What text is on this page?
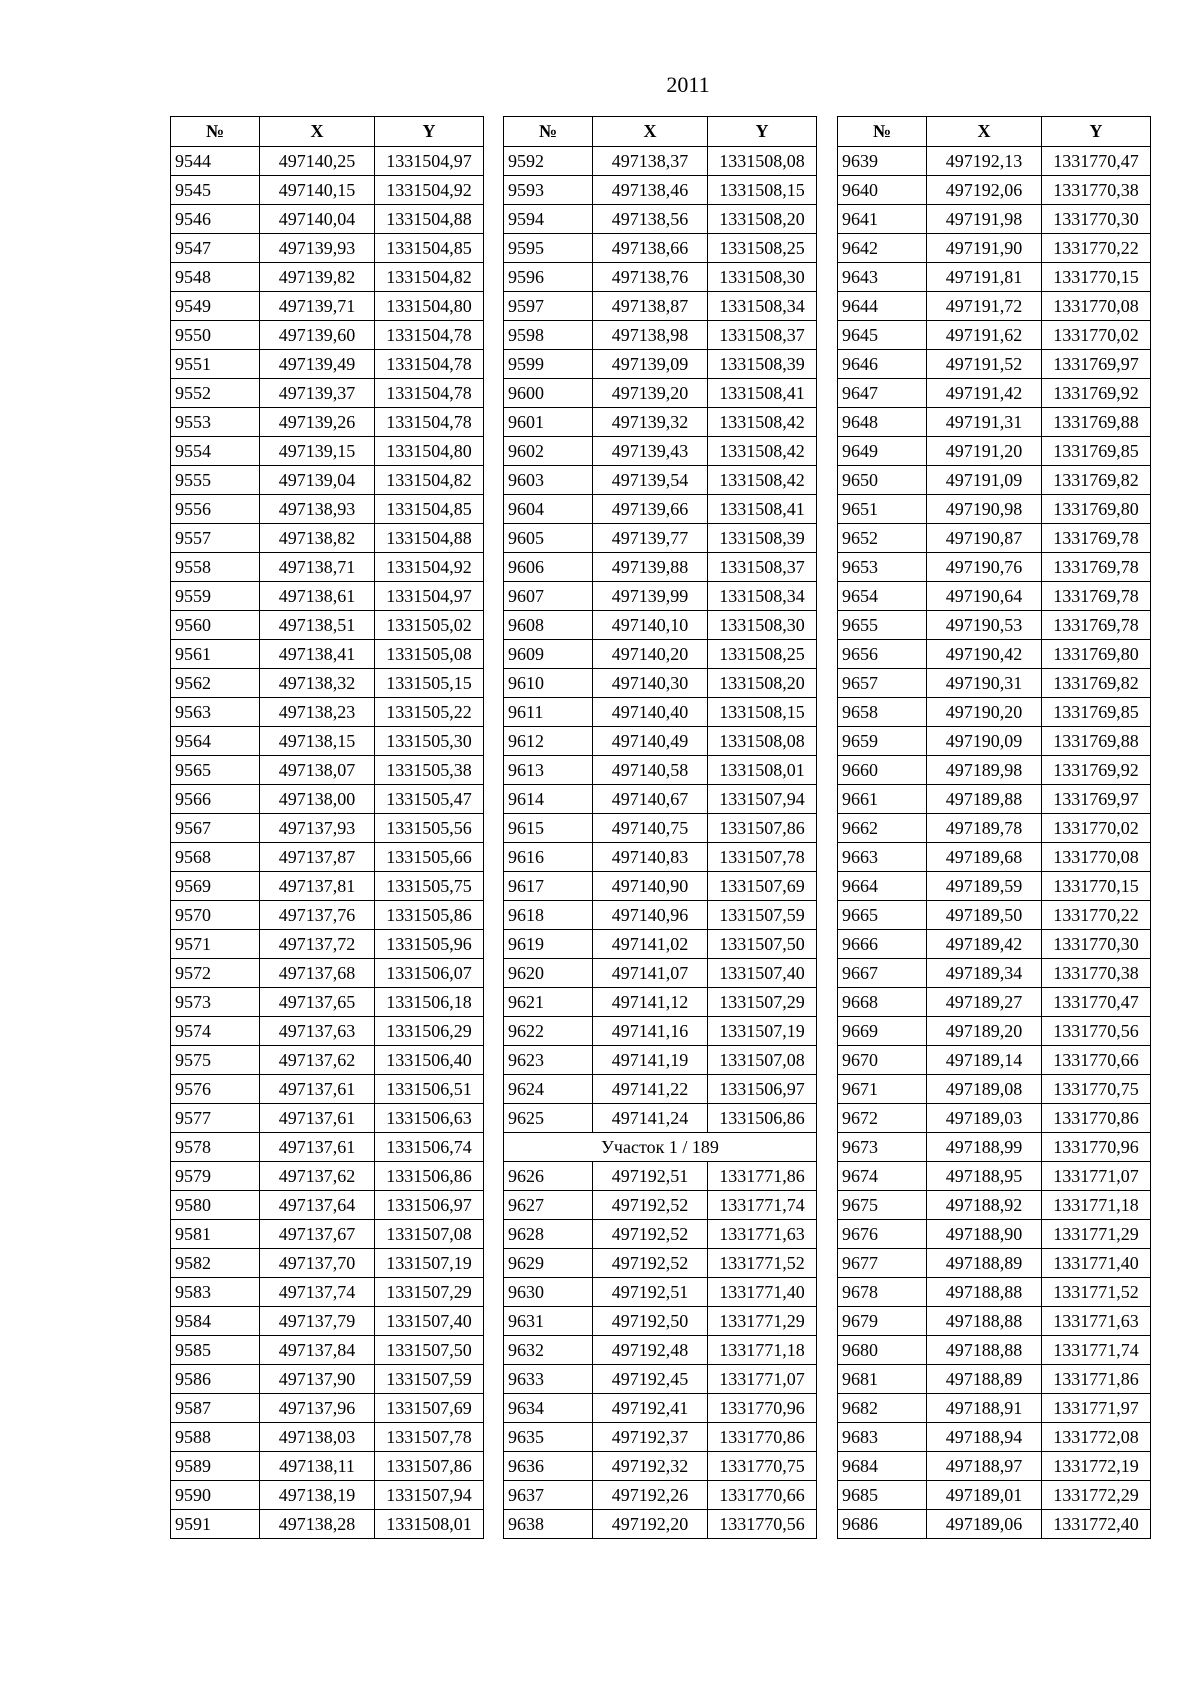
2011
№	X	Y
9544	497140,25	1331504,97
9545	497140,15	1331504,92
9546	497140,04	1331504,88
9547	497139,93	1331504,85
9548	497139,82	1331504,82
9549	497139,71	1331504,80
9550	497139,60	1331504,78
9551	497139,49	1331504,78
9552	497139,37	1331504,78
9553	497139,26	1331504,78
9554	497139,15	1331504,80
9555	497139,04	1331504,82
9556	497138,93	1331504,85
9557	497138,82	1331504,88
9558	497138,71	1331504,92
9559	497138,61	1331504,97
9560	497138,51	1331505,02
9561	497138,41	1331505,08
9562	497138,32	1331505,15
9563	497138,23	1331505,22
9564	497138,15	1331505,30
9565	497138,07	1331505,38
9566	497138,00	1331505,47
9567	497137,93	1331505,56
9568	497137,87	1331505,66
9569	497137,81	1331505,75
9570	497137,76	1331505,86
9571	497137,72	1331505,96
9572	497137,68	1331506,07
9573	497137,65	1331506,18
9574	497137,63	1331506,29
9575	497137,62	1331506,40
9576	497137,61	1331506,51
9577	497137,61	1331506,63
9578	497137,61	1331506,74
9579	497137,62	1331506,86
9580	497137,64	1331506,97
9581	497137,67	1331507,08
9582	497137,70	1331507,19
9583	497137,74	1331507,29
9584	497137,79	1331507,40
9585	497137,84	1331507,50
9586	497137,90	1331507,59
9587	497137,96	1331507,69
9588	497138,03	1331507,78
9589	497138,11	1331507,86
9590	497138,19	1331507,94
9591	497138,28	1331508,01
№	X	Y
9592	497138,37	1331508,08
9593	497138,46	1331508,15
9594	497138,56	1331508,20
9595	497138,66	1331508,25
9596	497138,76	1331508,30
9597	497138,87	1331508,34
9598	497138,98	1331508,37
9599	497139,09	1331508,39
9600	497139,20	1331508,41
9601	497139,32	1331508,42
9602	497139,43	1331508,42
9603	497139,54	1331508,42
9604	497139,66	1331508,41
9605	497139,77	1331508,39
9606	497139,88	1331508,37
9607	497139,99	1331508,34
9608	497140,10	1331508,30
9609	497140,20	1331508,25
9610	497140,30	1331508,20
9611	497140,40	1331508,15
9612	497140,49	1331508,08
9613	497140,58	1331508,01
9614	497140,67	1331507,94
9615	497140,75	1331507,86
9616	497140,83	1331507,78
9617	497140,90	1331507,69
9618	497140,96	1331507,59
9619	497141,02	1331507,50
9620	497141,07	1331507,40
9621	497141,12	1331507,29
9622	497141,16	1331507,19
9623	497141,19	1331507,08
9624	497141,22	1331506,97
9625	497141,24	1331506,86
Участок 1 / 189		
9626	497192,51	1331771,86
9627	497192,52	1331771,74
9628	497192,52	1331771,63
9629	497192,52	1331771,52
9630	497192,51	1331771,40
9631	497192,50	1331771,29
9632	497192,48	1331771,18
9633	497192,45	1331771,07
9634	497192,41	1331770,96
9635	497192,37	1331770,86
9636	497192,32	1331770,75
9637	497192,26	1331770,66
9638	497192,20	1331770,56
№	X	Y
9639	497192,13	1331770,47
9640	497192,06	1331770,38
9641	497191,98	1331770,30
9642	497191,90	1331770,22
9643	497191,81	1331770,15
9644	497191,72	1331770,08
9645	497191,62	1331770,02
9646	497191,52	1331769,97
9647	497191,42	1331769,92
9648	497191,31	1331769,88
9649	497191,20	1331769,85
9650	497191,09	1331769,82
9651	497190,98	1331769,80
9652	497190,87	1331769,78
9653	497190,76	1331769,78
9654	497190,64	1331769,78
9655	497190,53	1331769,78
9656	497190,42	1331769,80
9657	497190,31	1331769,82
9658	497190,20	1331769,85
9659	497190,09	1331769,88
9660	497189,98	1331769,92
9661	497189,88	1331769,97
9662	497189,78	1331770,02
9663	497189,68	1331770,08
9664	497189,59	1331770,15
9665	497189,50	1331770,22
9666	497189,42	1331770,30
9667	497189,34	1331770,38
9668	497189,27	1331770,47
9669	497189,20	1331770,56
9670	497189,14	1331770,66
9671	497189,08	1331770,75
9672	497189,03	1331770,86
9673	497188,99	1331770,96
9674	497188,95	1331771,07
9675	497188,92	1331771,18
9676	497188,90	1331771,29
9677	497188,89	1331771,40
9678	497188,88	1331771,52
9679	497188,88	1331771,63
9680	497188,88	1331771,74
9681	497188,89	1331771,86
9682	497188,91	1331771,97
9683	497188,94	1331772,08
9684	497188,97	1331772,19
9685	497189,01	1331772,29
9686	497189,06	1331772,40
